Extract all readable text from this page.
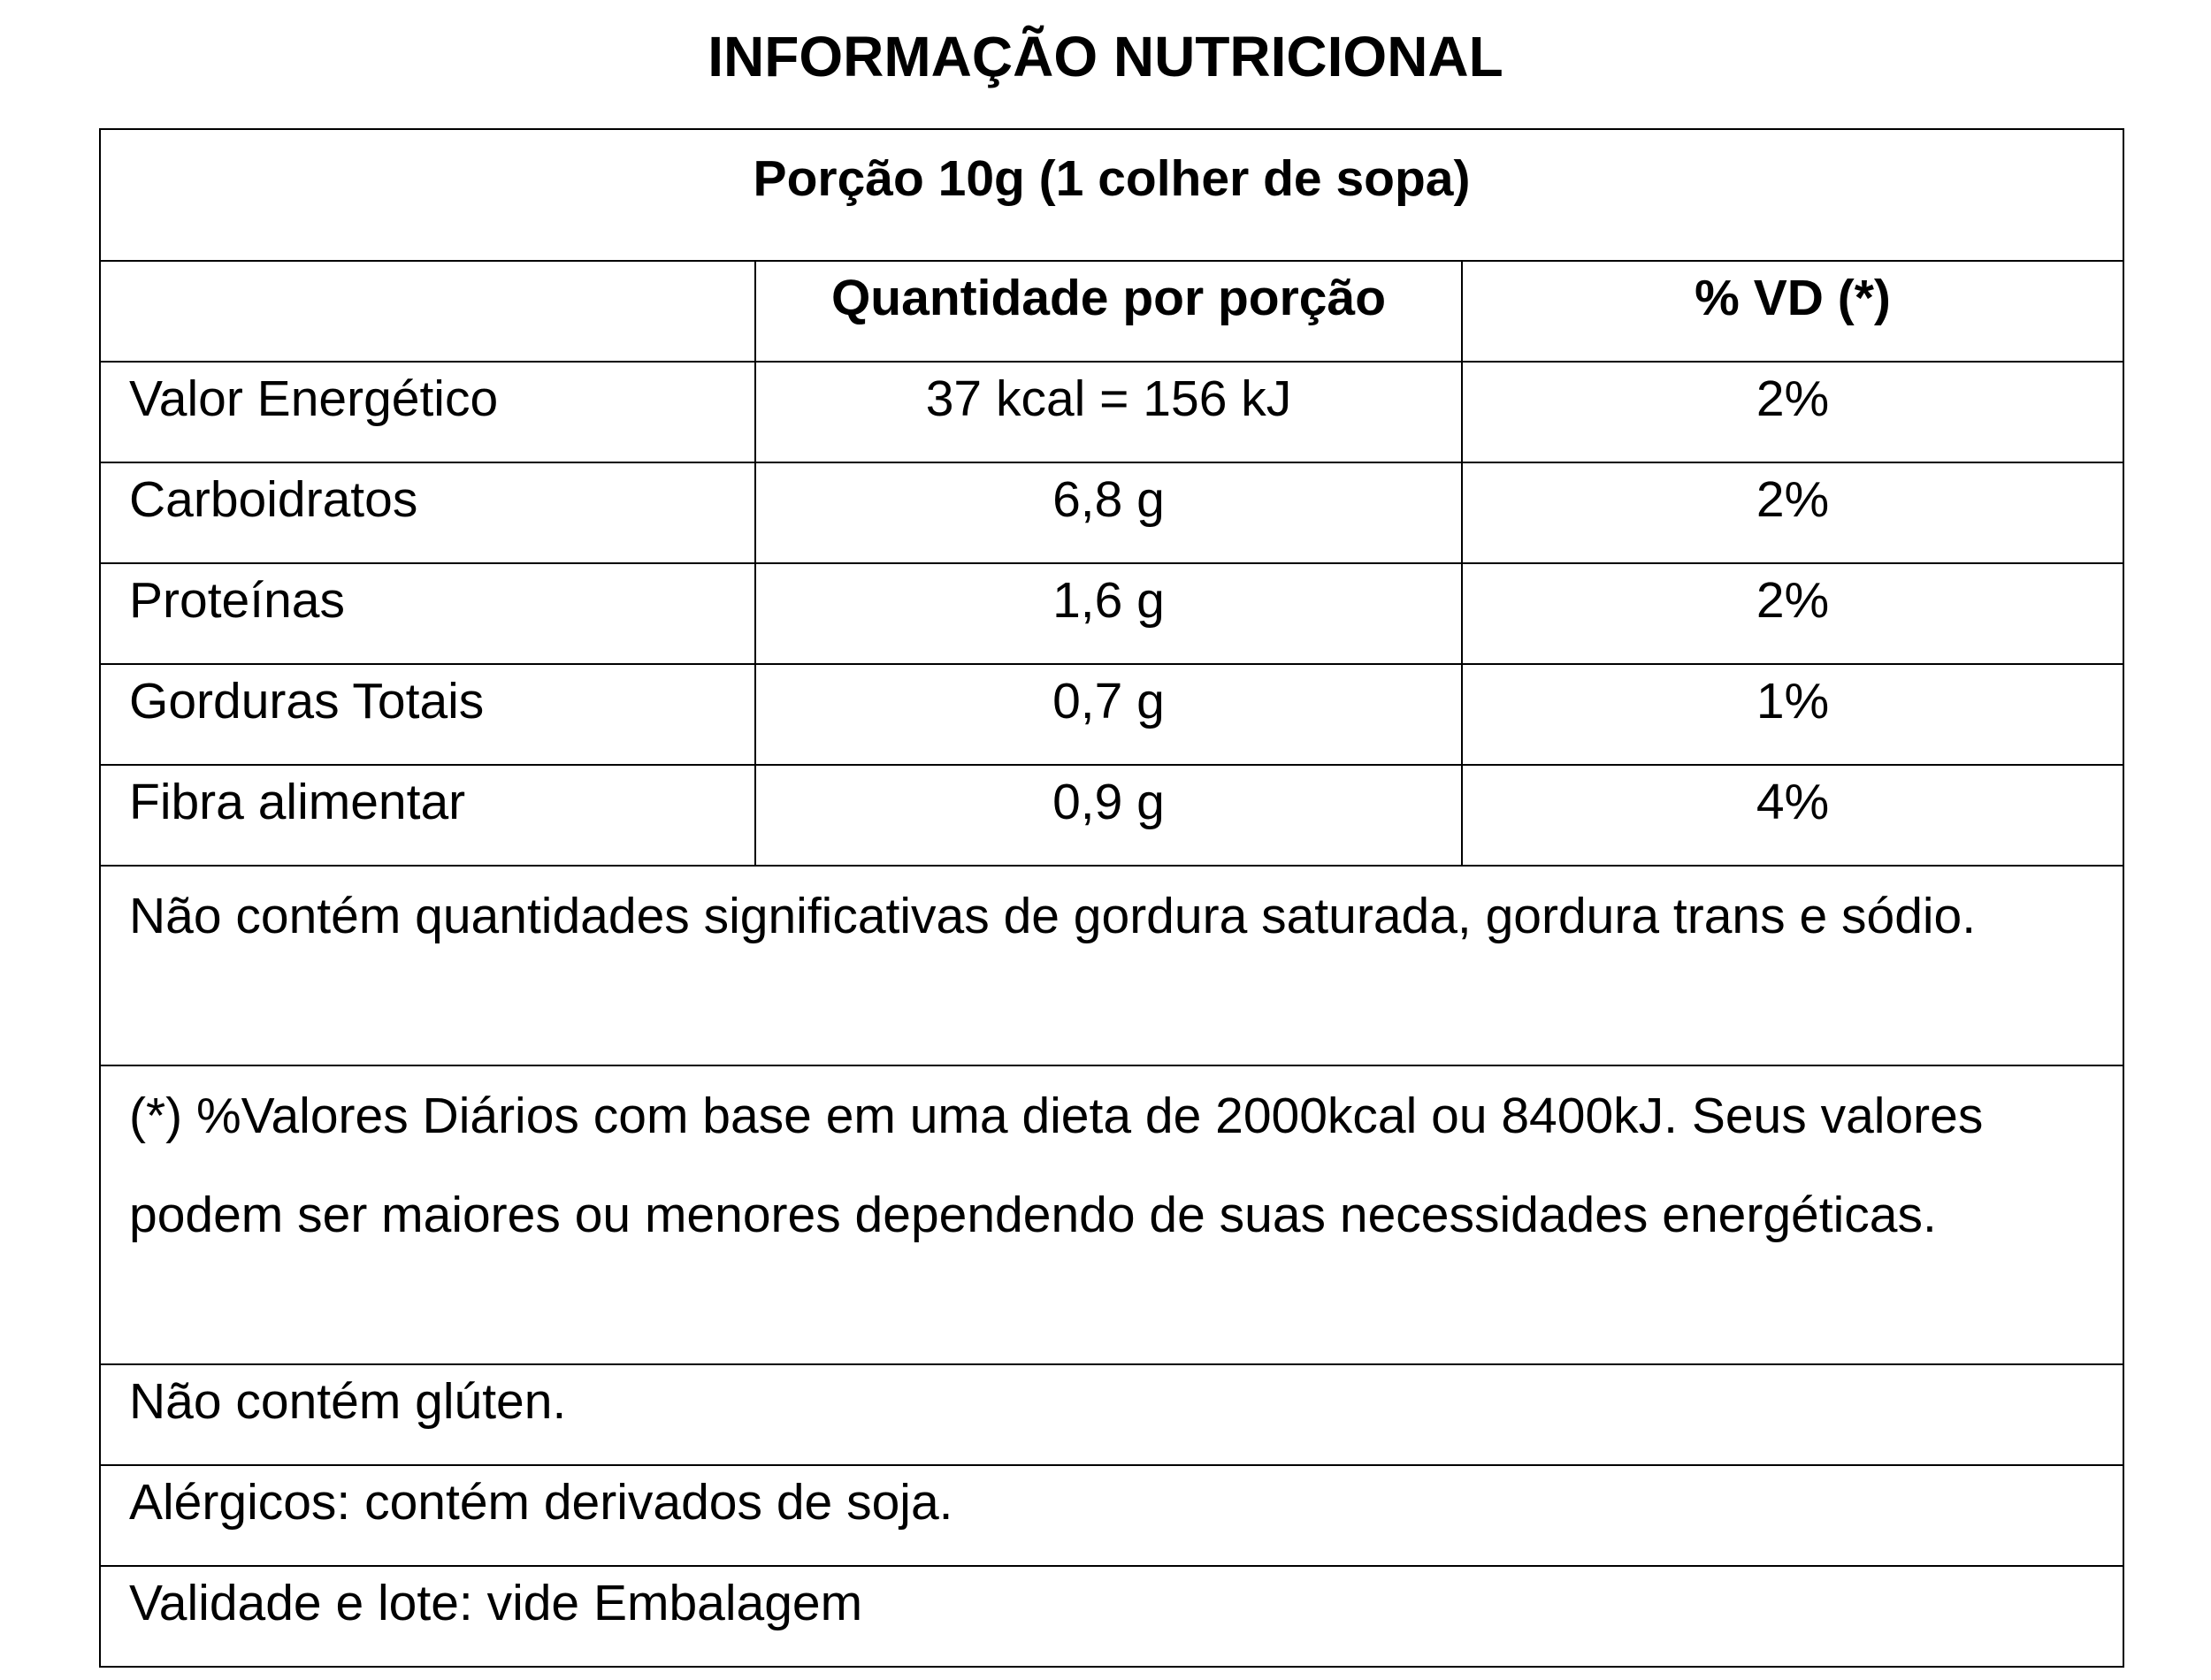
INFORMAÇÃO NUTRICIONAL
Porção 10g (1 colher de sopa)		
	Quantidade por porção	% VD (*)
Valor Energético	37 kcal = 156 kJ	2%
Carboidratos	6,8 g	2%
Proteínas	1,6 g	2%
Gorduras Totais	0,7 g	1%
Fibra alimentar	0,9 g	4%
Não contém quantidades significativas de gordura saturada, gordura trans e sódio.		
(*) %Valores Diários com base em uma dieta de 2000kcal ou 8400kJ. Seus valores podem ser maiores ou menores dependendo de suas necessidades energéticas.		
Não contém glúten.		
Alérgicos: contém derivados de soja.		
Validade e lote: vide Embalagem		
